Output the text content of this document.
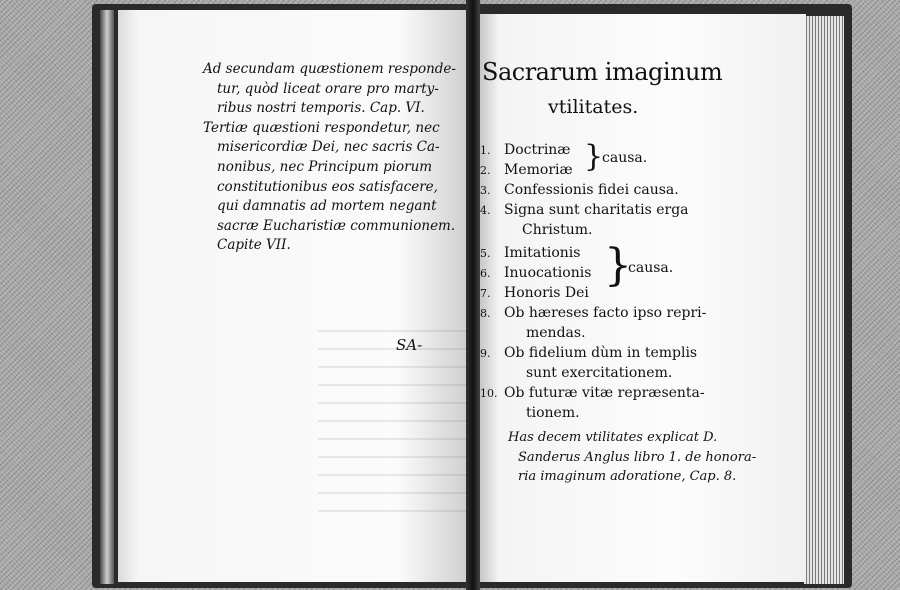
Ad secundam quæstionem responde-
tur, quòd liceat orare pro marty-
ribus nostri temporis. Cap. VI.
Tertiæ quæstioni respondetur, nec
misericordiæ Dei, nec sacris Ca-
nonibus, nec Principum piorum
constitutionibus eos satisfacere,
qui damnatis ad mortem negant
sacræ Eucharistiæ communionem.
Capite VII.
SA-
Sacrarum imaginum
vtilitates.
1. Doctrinæ
2. Memoriæ }
causa.
3. Confessionis fidei causa.
4. Signa sunt charitatis erga
Christum.
5. Imitationis
6. Inuocationis
7. Honoris Dei
}
causa.
8. Ob hæreses facto ipso repri-
mendas.
9. Ob fidelium dùm in templis
sunt exercitationem.
10. Ob futuræ vitæ repræsenta-
tionem.
Has decem vtilitates explicat D.
Sanderus Anglus libro 1. de honora-
ria imaginum adoratione, Cap. 8.
